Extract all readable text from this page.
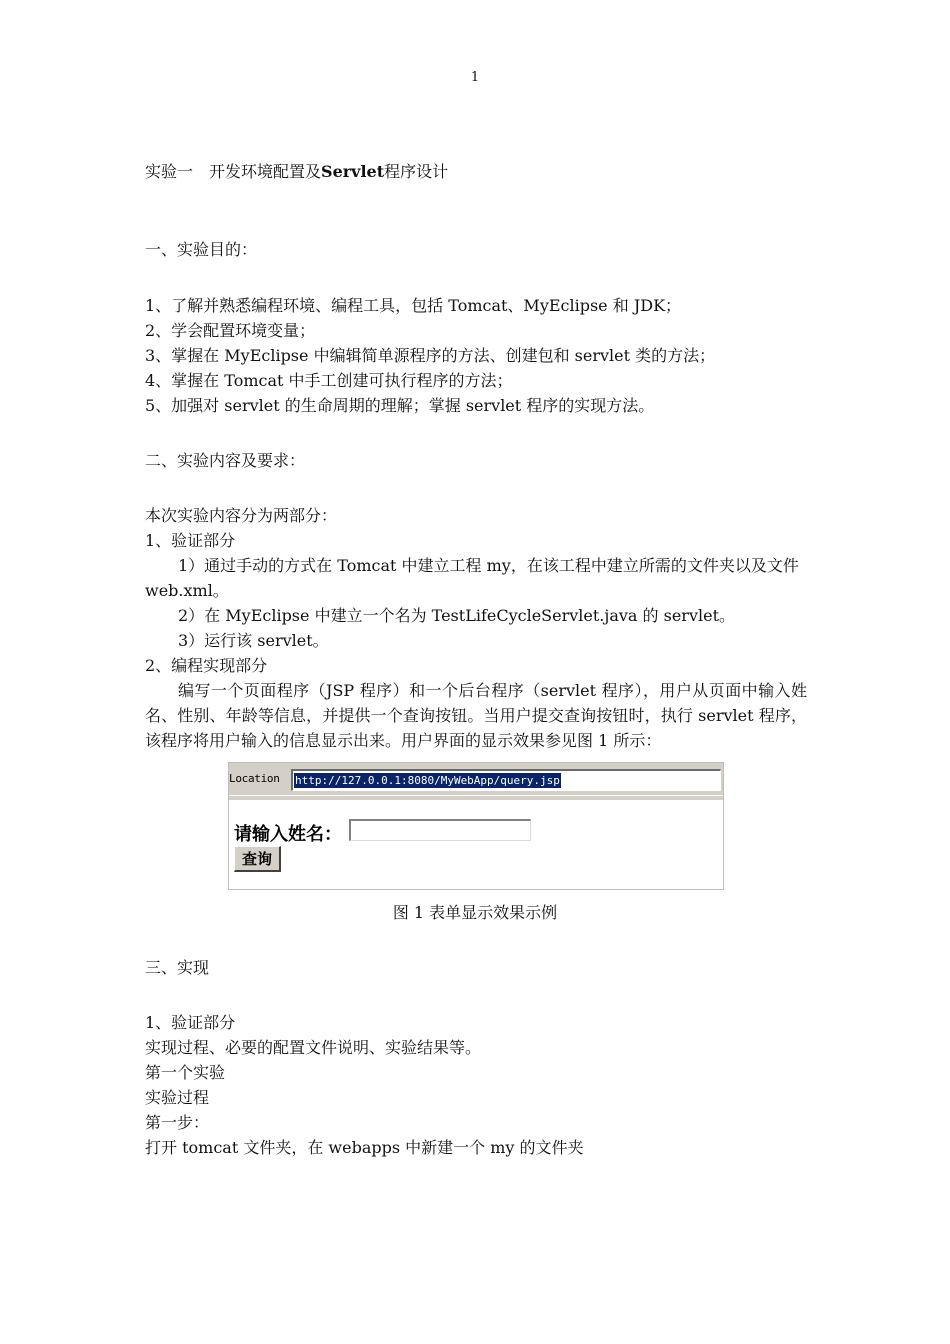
1
实验一　开发环境配置及Servlet程序设计
一、实验目的：
1、了解并熟悉编程环境、编程工具，包括 Tomcat、MyEclipse 和 JDK；
2、学会配置环境变量；
3、掌握在 MyEclipse 中编辑简单源程序的方法、创建包和 servlet 类的方法；
4、掌握在 Tomcat 中手工创建可执行程序的方法；
5、加强对 servlet 的生命周期的理解；掌握 servlet 程序的实现方法。
二、实验内容及要求：
本次实验内容分为两部分：
1、验证部分
1）通过手动的方式在 Tomcat 中建立工程 my，在该工程中建立所需的文件夹以及文件 web.xml。
2）在 MyEclipse 中建立一个名为 TestLifeCycleServlet.java 的 servlet。
3）运行该 servlet。
2、编程实现部分
编写一个页面程序（JSP 程序）和一个后台程序（servlet 程序），用户从页面中输入姓名、性别、年龄等信息，并提供一个查询按钮。当用户提交查询按钮时，执行 servlet 程序，该程序将用户输入的信息显示出来。用户界面的显示效果参见图 1 所示：
Location http://127.0.0.1:8080/MyWebApp/query.jsp
请输入姓名：
查询
图 1 表单显示效果示例
三、实现
1、验证部分
实现过程、必要的配置文件说明、实验结果等。
第一个实验
实验过程
第一步：
打开 tomcat 文件夹，在 webapps 中新建一个 my 的文件夹
